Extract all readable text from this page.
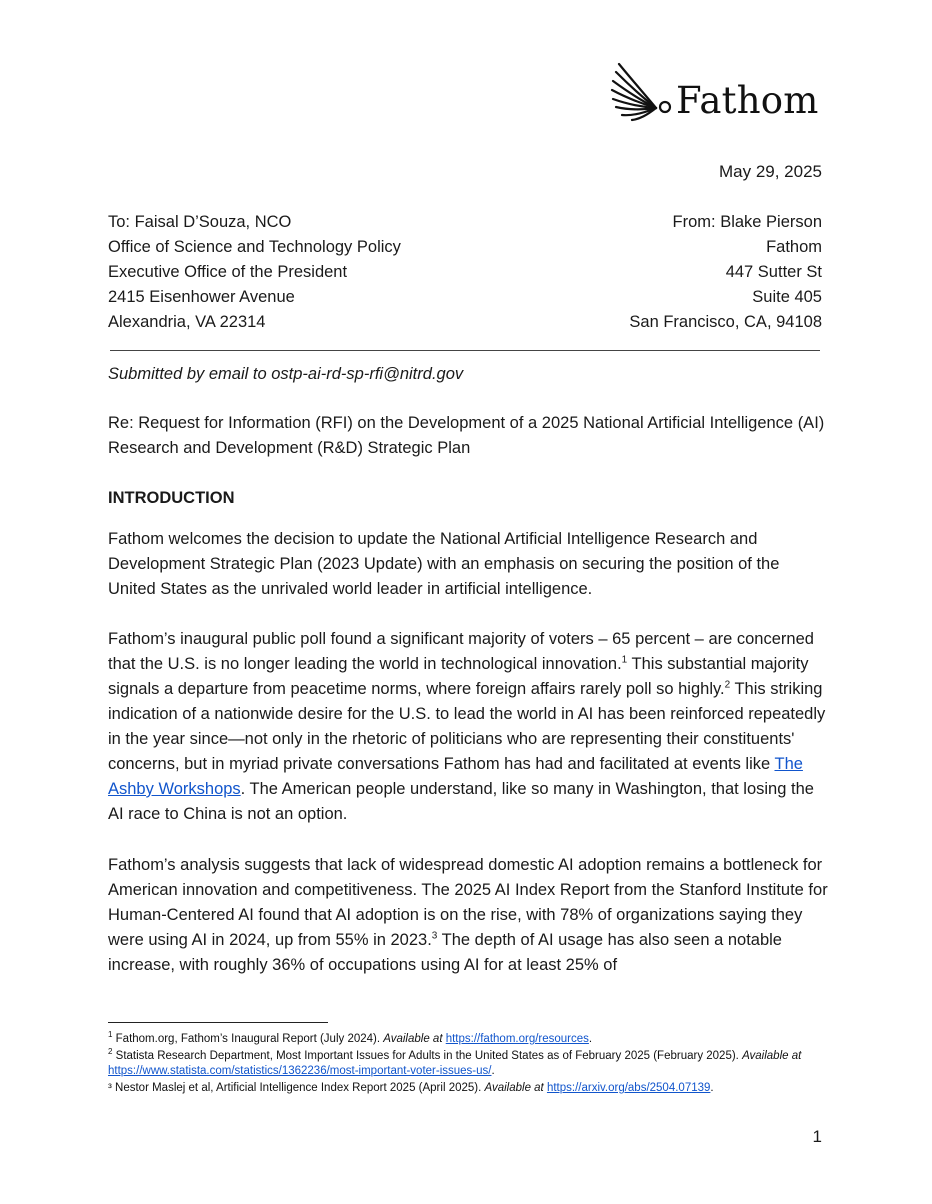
Fathom
May 29, 2025
To: Faisal D’Souza, NCO
Office of Science and Technology Policy
Executive Office of the President
2415 Eisenhower Avenue
Alexandria, VA 22314
From: Blake Pierson
Fathom
447 Sutter St
Suite 405
San Francisco, CA, 94108
Submitted by email to ostp-ai-rd-sp-rfi@nitrd.gov
Re: Request for Information (RFI) on the Development of a 2025 National Artificial Intelligence (AI) Research and Development (R&D) Strategic Plan
INTRODUCTION

Fathom welcomes the decision to update the National Artificial Intelligence Research and Development Strategic Plan (2023 Update) with an emphasis on securing the position of the United States as the unrivaled world leader in artificial intelligence.

Fathom’s inaugural public poll found a significant majority of voters – 65 percent – are concerned that the U.S. is no longer leading the world in technological innovation.$^1$ This substantial majority signals a departure from peacetime norms, where foreign affairs rarely poll so highly.$^2$ This striking indication of a nationwide desire for the U.S. to lead the world in AI has been reinforced repeatedly in the year since—not only in the rhetoric of politicians who are representing their constituents' concerns, but in myriad private conversations Fathom has had and facilitated at events like The Ashby Workshops. The American people understand, like so many in Washington, that losing the AI race to China is not an option.

Fathom’s analysis suggests that lack of widespread domestic AI adoption remains a bottleneck for American innovation and competitiveness. The 2025 AI Index Report from the Stanford Institute for Human-Centered AI found that AI adoption is on the rise, with 78% of organizations saying they were using AI in 2024, up from 55% in 2023.$^3$ The depth of AI usage has also seen a notable increase, with roughly 36% of occupations using AI for at least 25% of

$^1$ Fathom.org, Fathom’s Inaugural Report (July 2024). Available at https://fathom.org/resources.

$^2$ Statista Research Department, Most Important Issues for Adults in the United States as of February 2025 (February 2025). Available at https://www.statista.com/statistics/1362236/most-important-voter-issues-us/.

³ Nestor Maslej et al, Artificial Intelligence Index Report 2025 (April 2025). Available at https://arxiv.org/abs/2504.07139.

1
